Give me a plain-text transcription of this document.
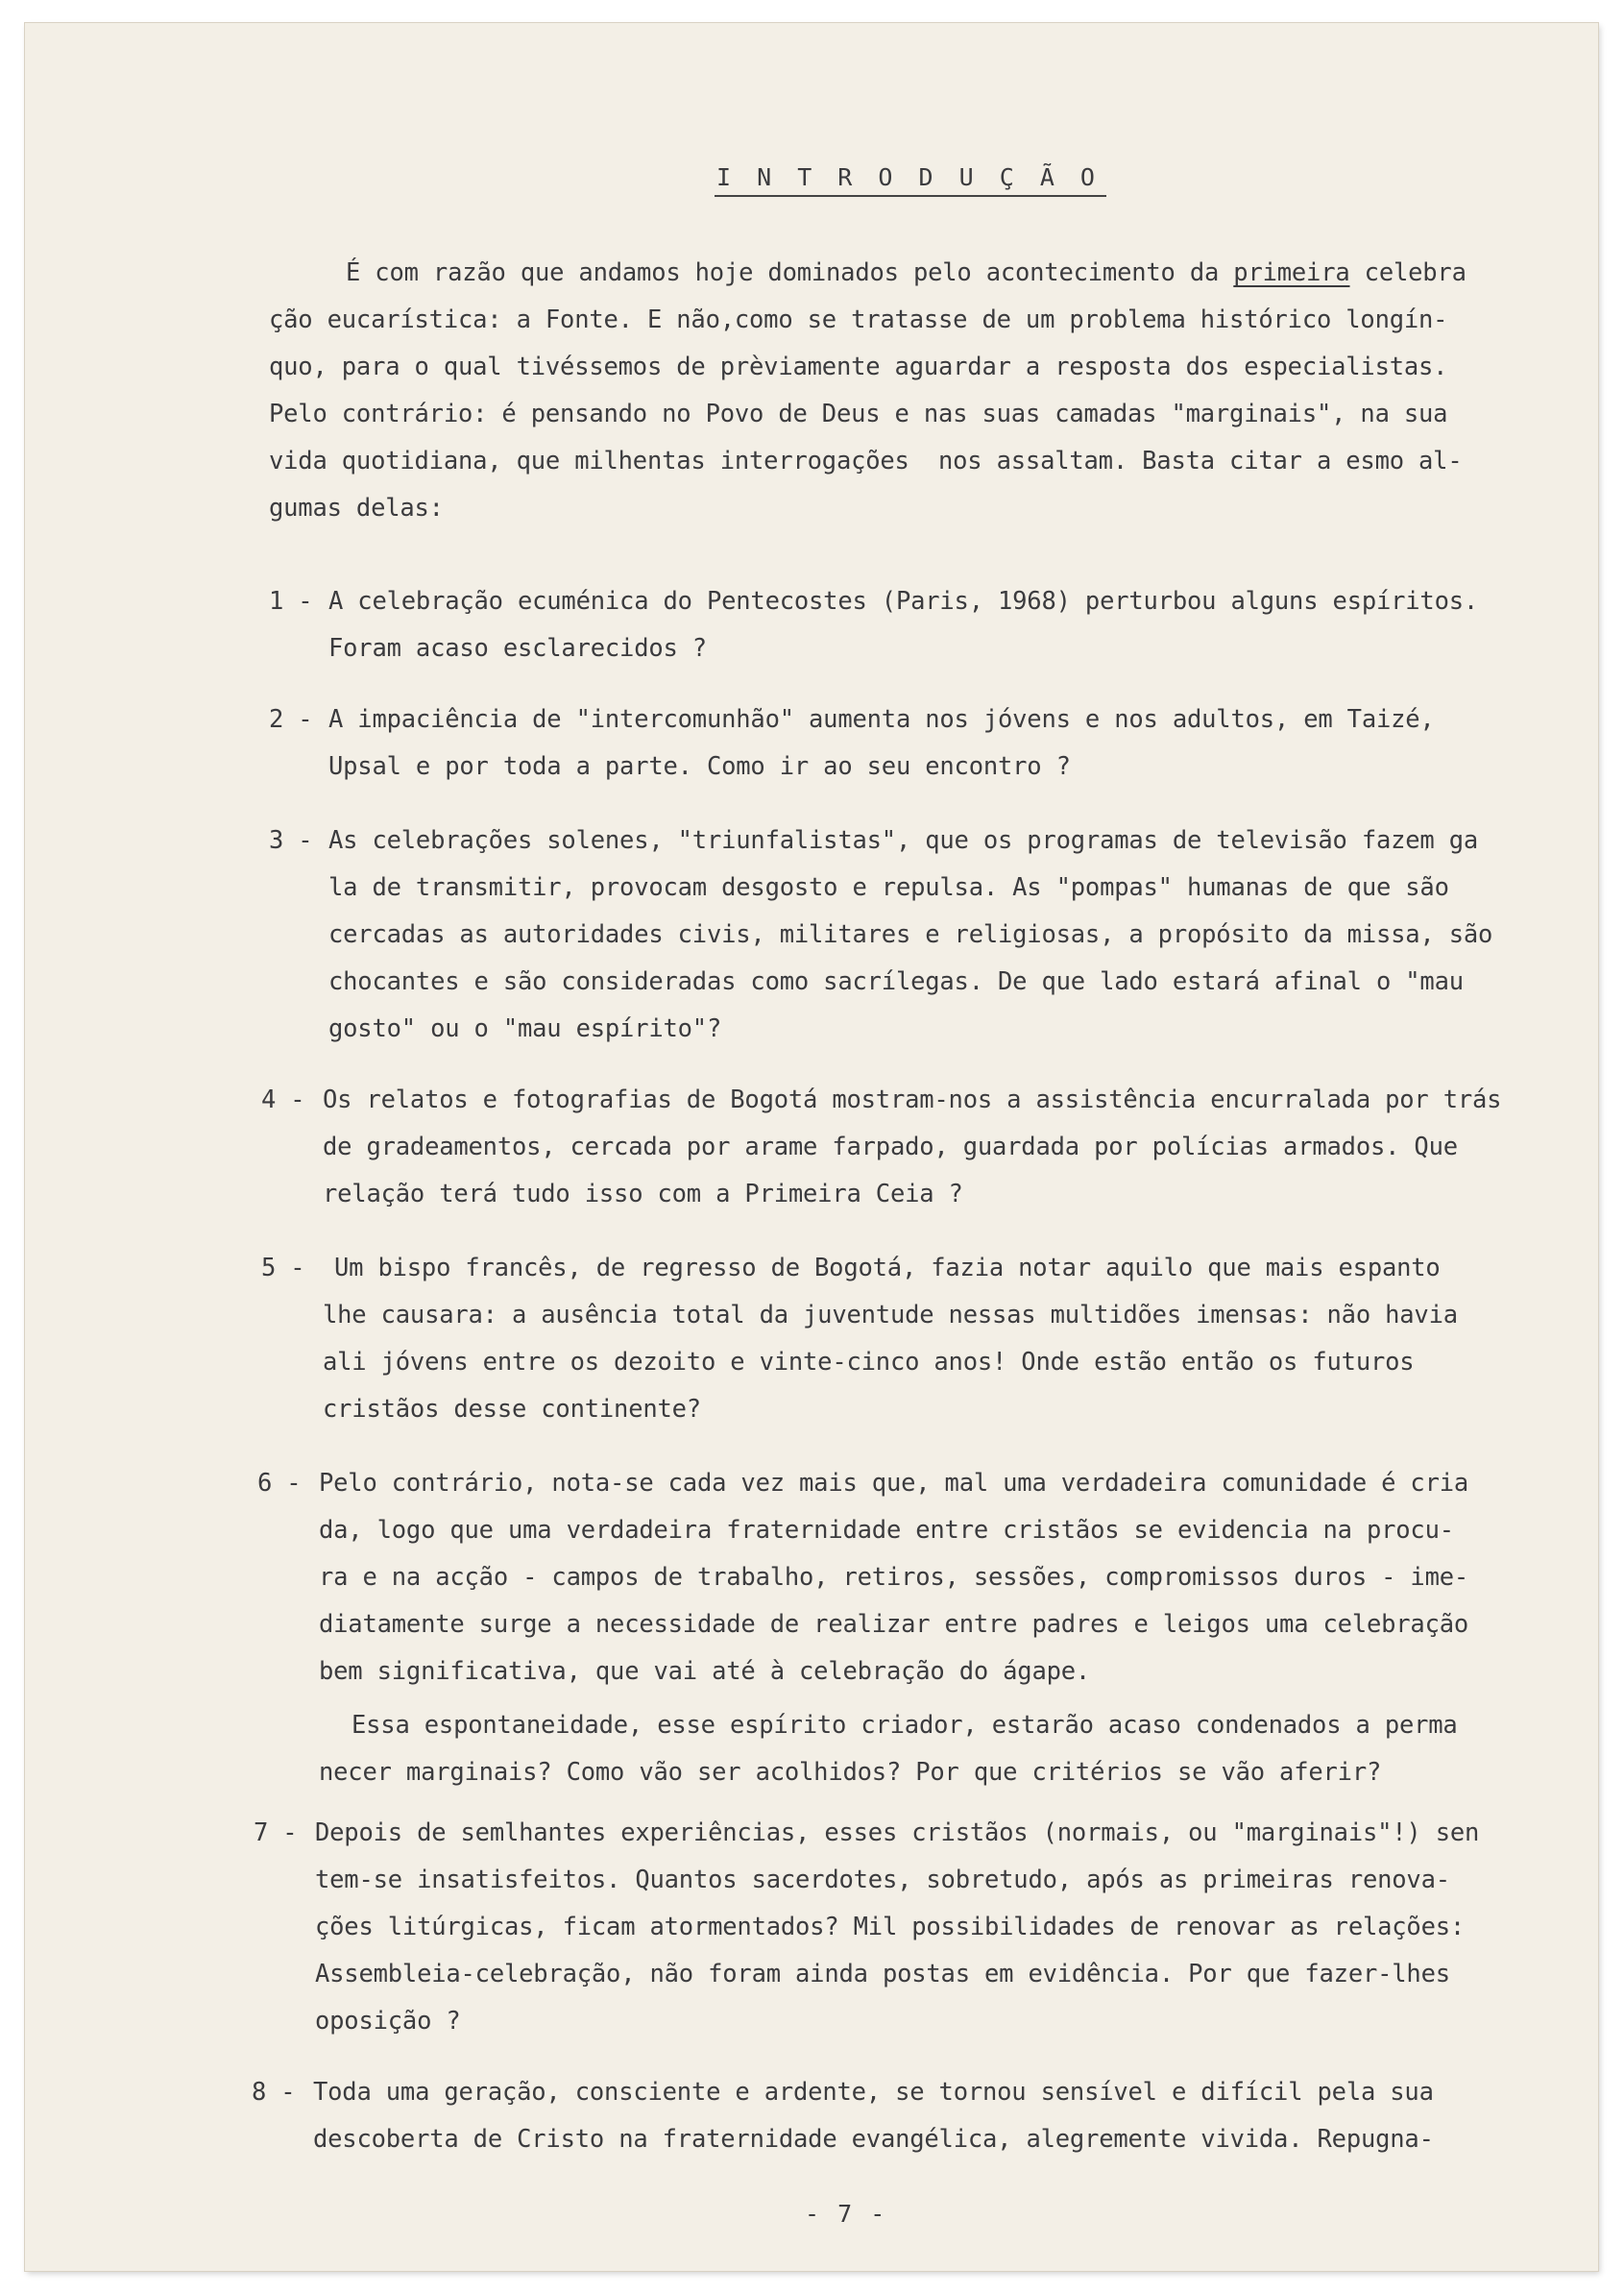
I N T R O D U Ç Ã O
É com razão que andamos hoje dominados pelo acontecimento da primeira celebra
ção eucarística: a Fonte. E não,como se tratasse de um problema histórico longín-
quo, para o qual tivéssemos de prèviamente aguardar a resposta dos especialistas.
Pelo contrário: é pensando no Povo de Deus e nas suas camadas "marginais", na sua
vida quotidiana, que milhentas interrogações  nos assaltam. Basta citar a esmo al-
gumas delas:
1 - A celebração ecuménica do Pentecostes (Paris, 1968) perturbou alguns espíritos.
Foram acaso esclarecidos ?
2 - A impaciência de "intercomunhão" aumenta nos jóvens e nos adultos, em Taizé,
Upsal e por toda a parte. Como ir ao seu encontro ?
3 - As celebrações solenes, "triunfalistas", que os programas de televisão fazem ga
la de transmitir, provocam desgosto e repulsa. As "pompas" humanas de que são
cercadas as autoridades civis, militares e religiosas, a propósito da missa, são
chocantes e são consideradas como sacrílegas. De que lado estará afinal o "mau
gosto" ou o "mau espírito"?
4 - Os relatos e fotografias de Bogotá mostram-nos a assistência encurralada por trás
de gradeamentos, cercada por arame farpado, guardada por polícias armados. Que
relação terá tudo isso com a Primeira Ceia ?
5 - Um bispo francês, de regresso de Bogotá, fazia notar aquilo que mais espanto
lhe causara: a ausência total da juventude nessas multidões imensas: não havia
ali jóvens entre os dezoito e vinte-cinco anos! Onde estão então os futuros
cristãos desse continente?
6 - Pelo contrário, nota-se cada vez mais que, mal uma verdadeira comunidade é cria
da, logo que uma verdadeira fraternidade entre cristãos se evidencia na procu-
ra e na acção - campos de trabalho, retiros, sessões, compromissos duros - ime-
diatamente surge a necessidade de realizar entre padres e leigos uma celebração
bem significativa, que vai até à celebração do ágape.
Essa espontaneidade, esse espírito criador, estarão acaso condenados a perma
necer marginais? Como vão ser acolhidos? Por que critérios se vão aferir?
7 - Depois de semlhantes experiências, esses cristãos (normais, ou "marginais"!) sen
tem-se insatisfeitos. Quantos sacerdotes, sobretudo, após as primeiras renova-
ções litúrgicas, ficam atormentados? Mil possibilidades de renovar as relações:
Assembleia-celebração, não foram ainda postas em evidência. Por que fazer-lhes
oposição ?
8 - Toda uma geração, consciente e ardente, se tornou sensível e difícil pela sua
descoberta de Cristo na fraternidade evangélica, alegremente vivida. Repugna-
- 7 -
